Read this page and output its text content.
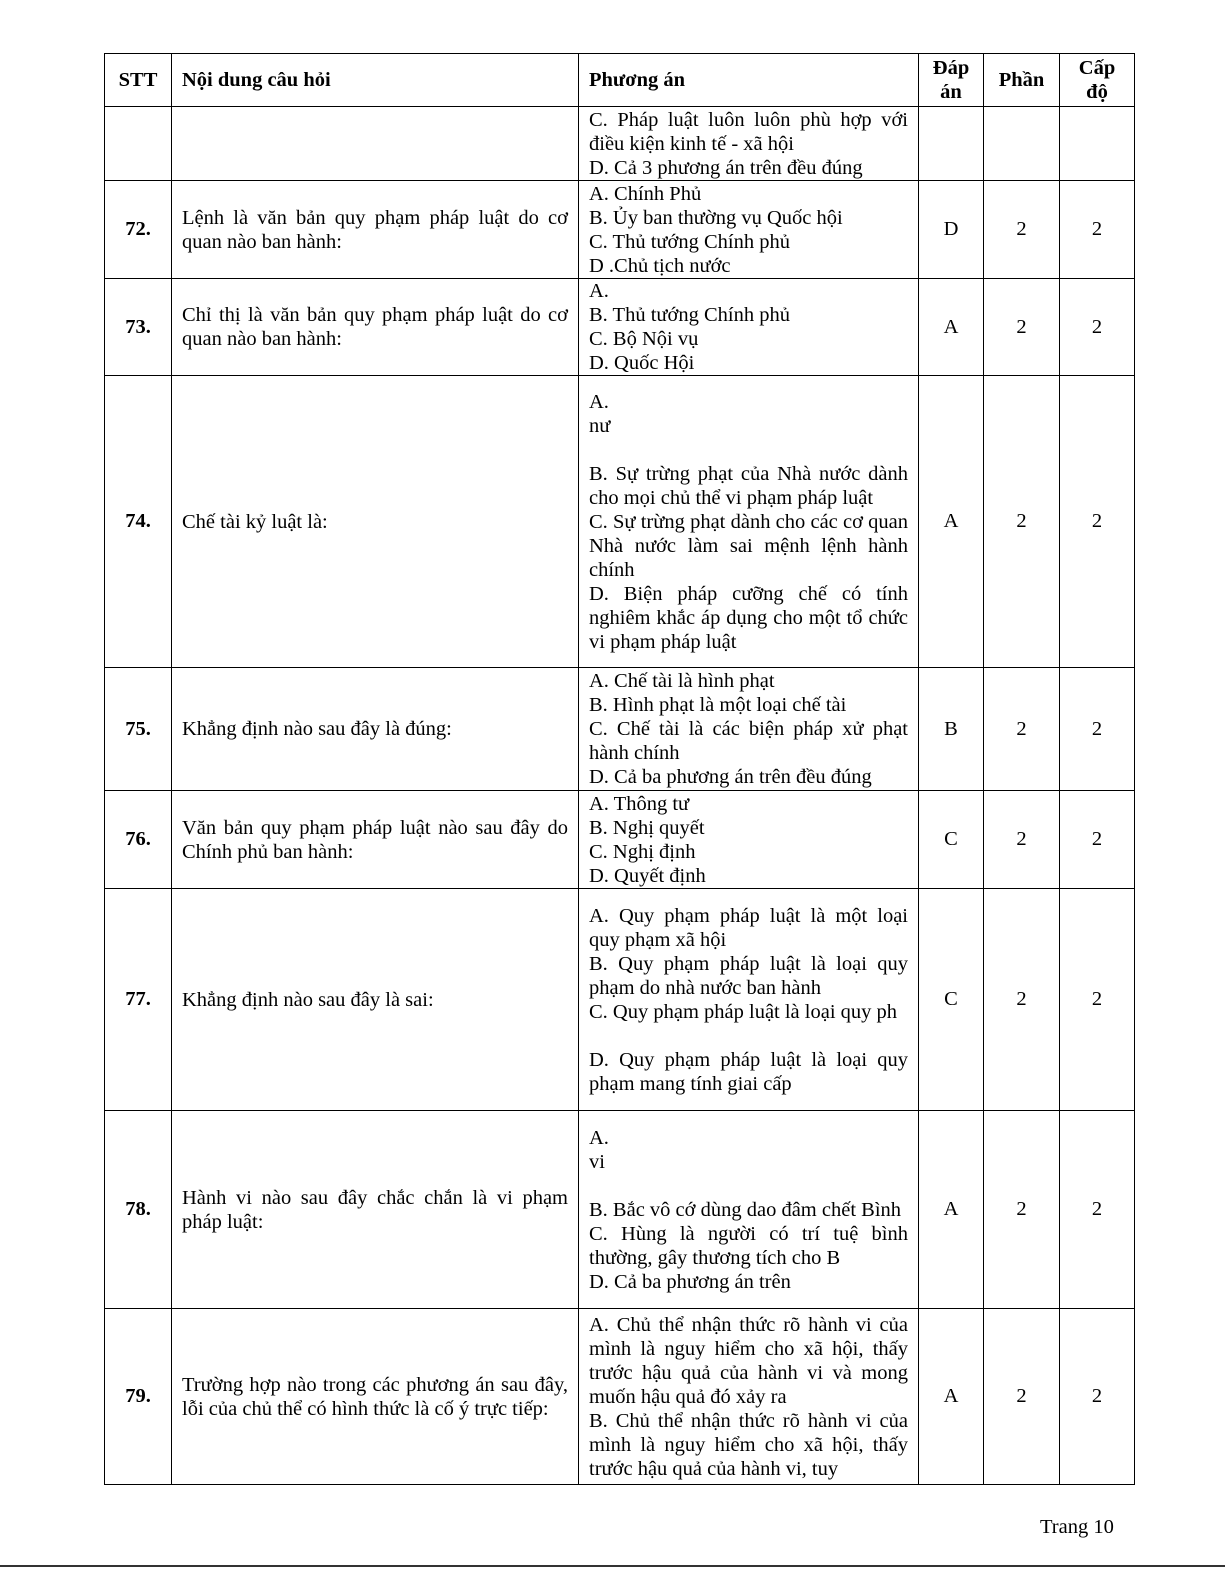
STT	Nội dung câu hỏi	Phương án	Đáp
án	Phần	Cấp
độ

		C. Pháp luật luôn luôn phù hợp với điều kiện kinh tế - xã hội
D. Cả 3 phương án trên đều đúng			

72.	Lệnh là văn bản quy phạm pháp luật do cơ quan nào ban hành:	A. Chính Phủ
B. Ủy ban thường vụ Quốc hội
C. Thủ tướng Chính phủ
D .Chủ tịch nước	D	2	2
73.	Chỉ thị là văn bản quy phạm pháp luật do cơ quan nào ban hành:	A.
B. Thủ tướng Chính phủ
C. Bộ Nội vụ
D. Quốc Hội	A	2	2
74.	Chế tài kỷ luật là:	A.
nư
B. Sự trừng phạt của Nhà nước dành cho mọi chủ thể vi phạm pháp luật
C. Sự trừng phạt dành cho các cơ quan Nhà nước làm sai mệnh lệnh hành chính
D. Biện pháp cưỡng chế có tính nghiêm khắc áp dụng cho một tổ chức vi phạm pháp luật	A	2	2
75.	Khẳng định nào sau đây là đúng:	A. Chế tài là hình phạt
B. Hình phạt là một loại chế tài
C. Chế tài là các biện pháp xử phạt hành chính
D. Cả ba phương án trên đều đúng	B	2	2
76.	Văn bản quy phạm pháp luật nào sau đây do Chính phủ ban hành:	A. Thông tư
B. Nghị quyết
C. Nghị định
D. Quyết định	C	2	2
77.	Khẳng định nào sau đây là sai:	A. Quy phạm pháp luật là một loại quy phạm xã hội
B. Quy phạm pháp luật là loại quy phạm do nhà nước ban hành
C. Quy phạm pháp luật là loại quy ph
D. Quy phạm pháp luật là loại quy phạm mang tính giai cấp	C	2	2
78.	Hành vi nào sau đây chắc chắn là vi phạm pháp luật:	A.
vi
B. Bắc vô cớ dùng dao đâm chết Bình
C. Hùng là người có trí tuệ bình thường, gây thương tích cho B
D. Cả ba phương án trên	A	2	2
79.	Trường hợp nào trong các phương án sau đây, lỗi của chủ thể có hình thức là cố ý trực tiếp:	A. Chủ thể nhận thức rõ hành vi của mình là nguy hiểm cho xã hội, thấy trước hậu quả của hành vi và mong muốn hậu quả đó xảy ra
B. Chủ thể nhận thức rõ hành vi của mình là nguy hiểm cho xã hội, thấy trước hậu quả của hành vi, tuy	A	2	2
Trang 10
